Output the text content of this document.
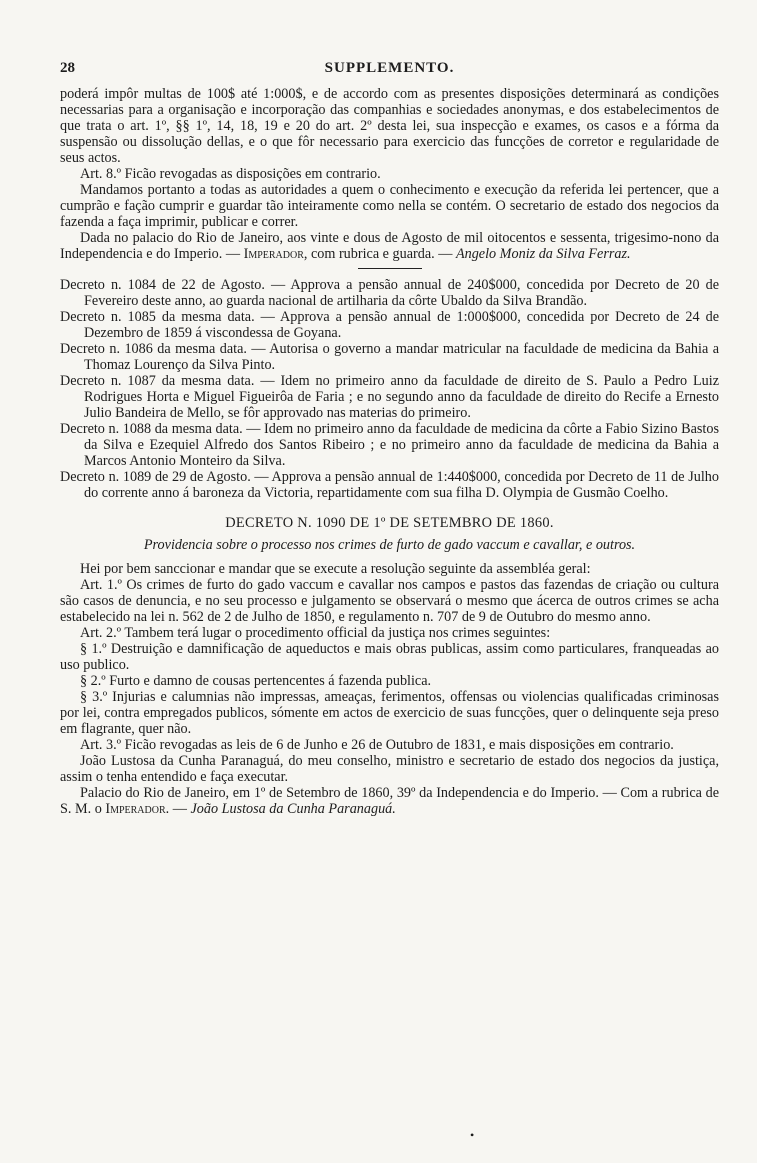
28	SUPPLEMENTO.

poderá impôr multas de 100$ até 1:000$, e de accordo com as presentes disposições determinará as condições necessarias para a organisação e incorporação das companhias e sociedades anonymas, e dos estabelecimentos de que trata o art. 1º, §§ 1º, 14, 18, 19 e 20 do art. 2º desta lei, sua inspecção e exames, os casos e a fórma da suspensão ou dissolução dellas, e o que fôr necessario para exercicio das funcções de corretor e regularidade de seus actos.

Art. 8.º Ficão revogadas as disposições em contrario.

Mandamos portanto a todas as autoridades a quem o conhecimento e execução da referida lei pertencer, que a cumprão e fação cumprir e guardar tão inteiramente como nella se contém. O secretario de estado dos negocios da fazenda a faça imprimir, publicar e correr.

Dada no palacio do Rio de Janeiro, aos vinte e dous de Agosto de mil oitocentos e sessenta, trigesimo-nono da Independencia e do Imperio. — Imperador, com rubrica e guarda. — Angelo Moniz da Silva Ferraz.

Decreto n. 1084 de 22 de Agosto. — Approva a pensão annual de 240$000, concedida por Decreto de 20 de Fevereiro deste anno, ao guarda nacional de artilharia da côrte Ubaldo da Silva Brandão.

Decreto n. 1085 da mesma data. — Approva a pensão annual de 1:000$000, concedida por Decreto de 24 de Dezembro de 1859 á viscondessa de Goyana.

Decreto n. 1086 da mesma data. — Autorisa o governo a mandar matricular na faculdade de medicina da Bahia a Thomaz Lourenço da Silva Pinto.

Decreto n. 1087 da mesma data. — Idem no primeiro anno da faculdade de direito de S. Paulo a Pedro Luiz Rodrigues Horta e Miguel Figueirôa de Faria ; e no segundo anno da faculdade de direito do Recife a Ernesto Julio Bandeira de Mello, se fôr approvado nas materias do primeiro.

Decreto n. 1088 da mesma data. — Idem no primeiro anno da faculdade de medicina da côrte a Fabio Sizino Bastos da Silva e Ezequiel Alfredo dos Santos Ribeiro ; e no primeiro anno da faculdade de medicina da Bahia a Marcos Antonio Monteiro da Silva.

Decreto n. 1089 de 29 de Agosto. — Approva a pensão annual de 1:440$000, concedida por Decreto de 11 de Julho do corrente anno á baroneza da Victoria, repartidamente com sua filha D. Olympia de Gusmão Coelho.

DECRETO N. 1090 DE 1º DE SETEMBRO DE 1860.
Providencia sobre o processo nos crimes de furto de gado vaccum e cavallar, e outros.

Hei por bem sanccionar e mandar que se execute a resolução seguinte da assembléa geral:

Art. 1.º Os crimes de furto do gado vaccum e cavallar nos campos e pastos das fazendas de criação ou cultura são casos de denuncia, e no seu processo e julgamento se observará o mesmo que ácerca de outros crimes se acha estabelecido na lei n. 562 de 2 de Julho de 1850, e regulamento n. 707 de 9 de Outubro do mesmo anno.

Art. 2.º Tambem terá lugar o procedimento official da justiça nos crimes seguintes:

§ 1.º Destruição e damnificação de aqueductos e mais obras publicas, assim como particulares, franqueadas ao uso publico.

§ 2.º Furto e damno de cousas pertencentes á fazenda publica.

§ 3.º Injurias e calumnias não impressas, ameaças, ferimentos, offensas ou violencias qualificadas criminosas por lei, contra empregados publicos, sómente em actos de exercicio de suas funcções, quer o delinquente seja preso em flagrante, quer não.

Art. 3.º Ficão revogadas as leis de 6 de Junho e 26 de Outubro de 1831, e mais disposições em contrario.

João Lustosa da Cunha Paranaguá, do meu conselho, ministro e secretario de estado dos negocios da justiça, assim o tenha entendido e faça executar.

Palacio do Rio de Janeiro, em 1º de Setembro de 1860, 39º da Independencia e do Imperio. — Com a rubrica de S. M. o Imperador. — João Lustosa da Cunha Paranaguá.

•
